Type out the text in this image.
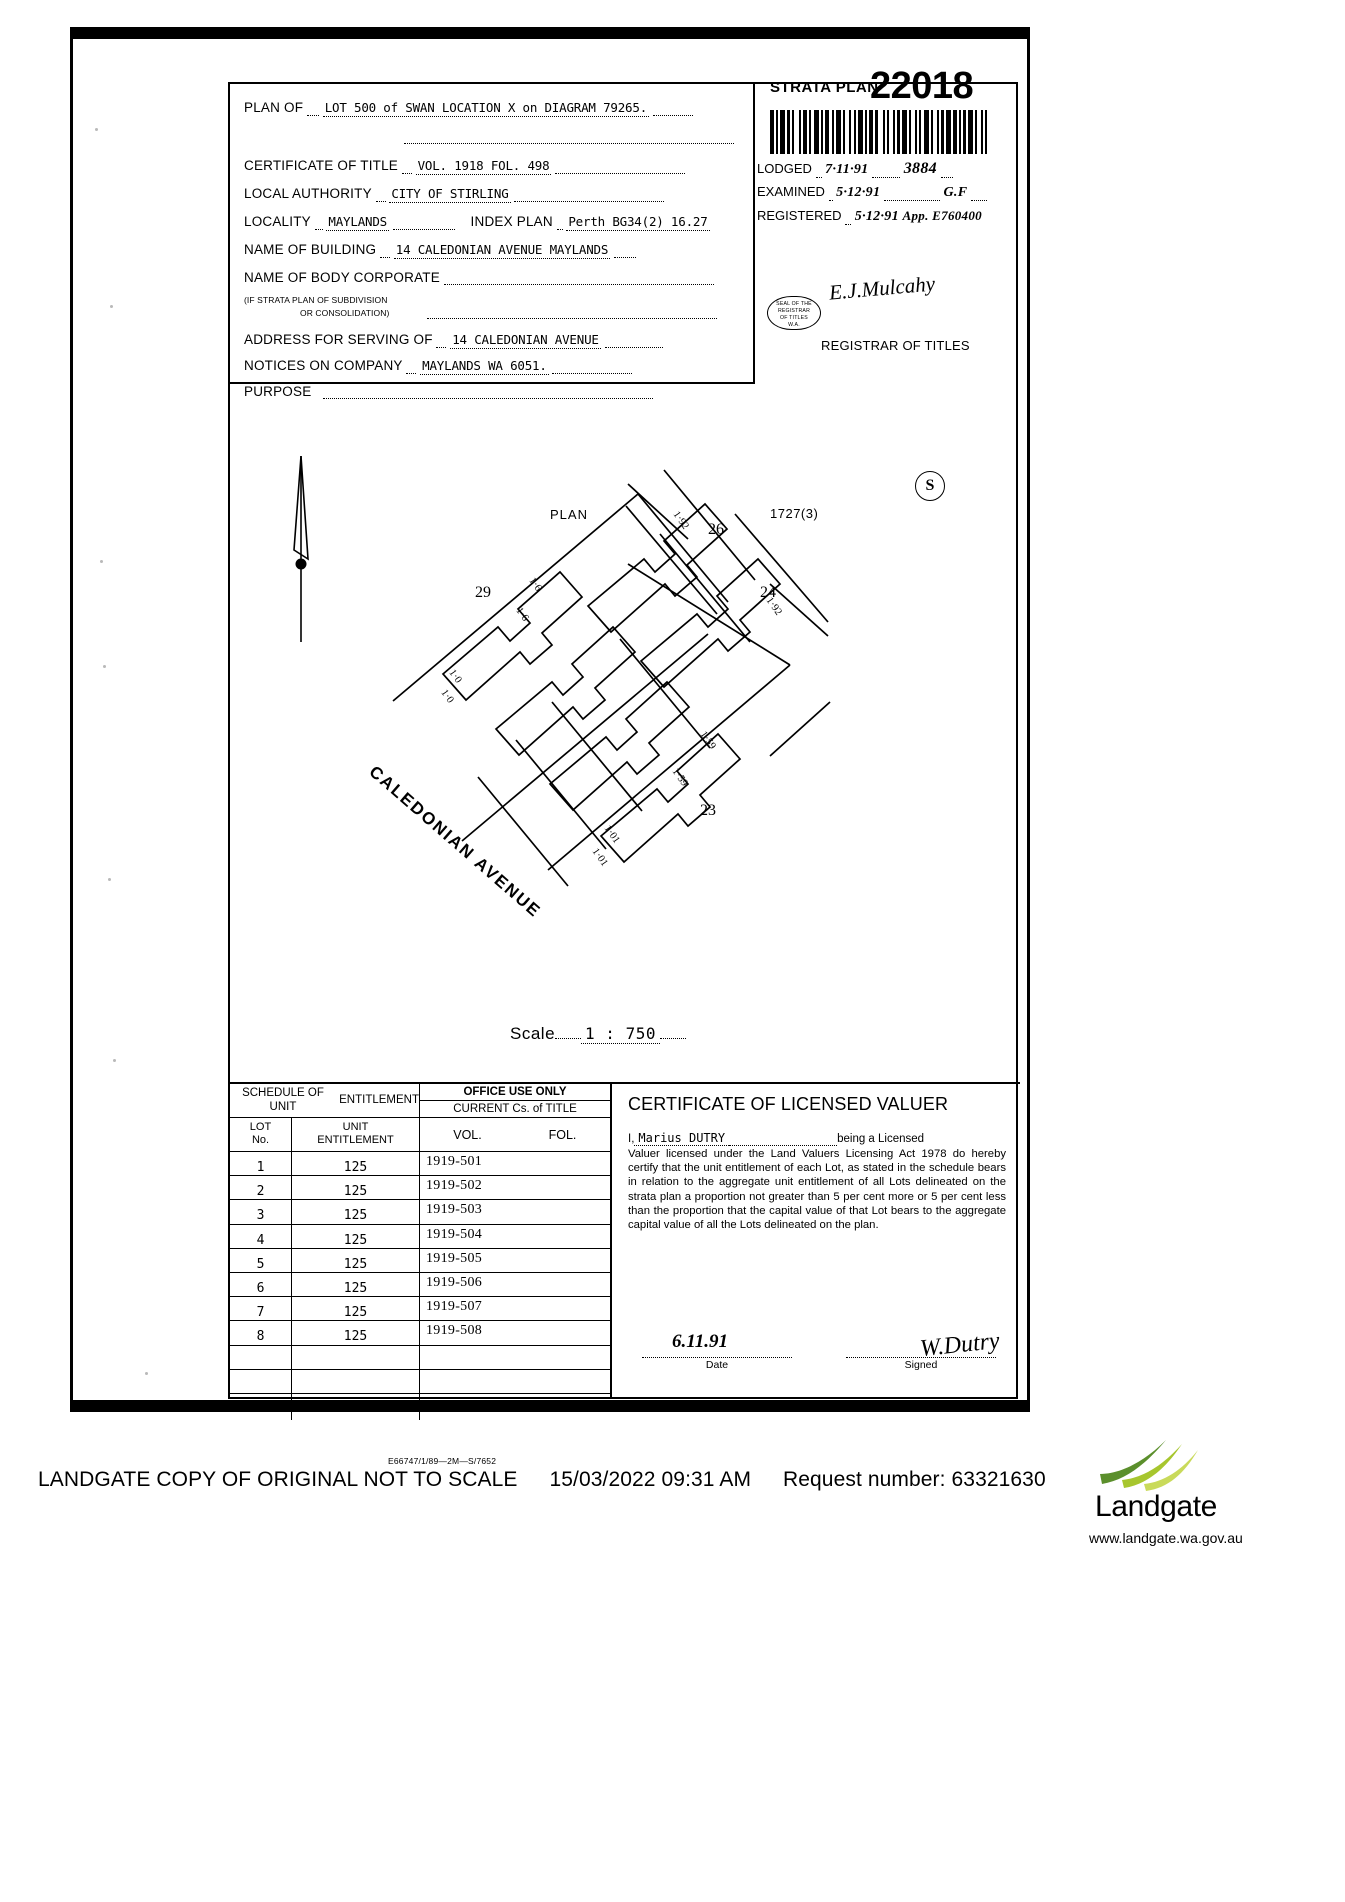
PLAN OF LOT 500 of SWAN LOCATION X on DIAGRAM 79265.
CERTIFICATE OF TITLE VOL. 1918 FOL. 498
LOCAL AUTHORITY CITY OF STIRLING
LOCALITY MAYLANDS	INDEX PLAN Perth BG34(2) 16.27
NAME OF BUILDING 14 CALEDONIAN AVENUE MAYLANDS
NAME OF BODY CORPORATE
(IF STRATA PLAN OF SUBDIVISION
OR CONSOLIDATION)
ADDRESS FOR SERVING OF 14 CALEDONIAN AVENUE
NOTICES ON COMPANY MAYLANDS WA 6051.
PURPOSE
STRATA PLAN
22018
LODGED 7·11·91 3884
EXAMINED 5·12·91	G.F
REGISTERED 5·12·91 App. E760400
SEAL OF THE
REGISTRAR
OF TITLES
W.A.
E.J.Mulcahy
REGISTRAR OF TITLES
PLAN	1727(3)
S
29
26
24
23
1·92
1·6
1·6	1·92
1·0
1·0
1·59
1·59
1·01
1·01
CALEDONIAN AVENUE
Scale 1 : 750
SCHEDULE OF UNIT

ENTITLEMENT
OFFICE USE ONLY
CURRENT Cs. of TITLE
LOT
No.
UNIT
ENTITLEMENT	VOL.	FOL.
1	125	1919-501
2	125	1919-502
3	125	1919-503
4	125	1919-504
5	125	1919-505
6	125	1919-506
7	125	1919-507
8	125	1919-508
AGGREGATE	1000
CERTIFICATE OF LICENSED VALUER
I, Marius DUTRY	being a Licensed
Valuer licensed under the Land Valuers Licensing Act 1978 do hereby certify that the unit entitlement of each Lot, as stated in the schedule bears in relation to the aggregate unit entitlement of all Lots delineated on the strata plan a proportion not greater than 5 per cent more or 5 per cent less than the proportion that the capital value of that Lot bears to the aggregate capital value of all the Lots delineated on the plan.
6.11.91
Date
W.Dutry
Signed
E66747/1/89—2M—S/7652
LANDGATE COPY OF ORIGINAL NOT TO SCALE 15/03/2022 09:31 AM Request number: 63321630
Landgate
www.landgate.wa.gov.au
